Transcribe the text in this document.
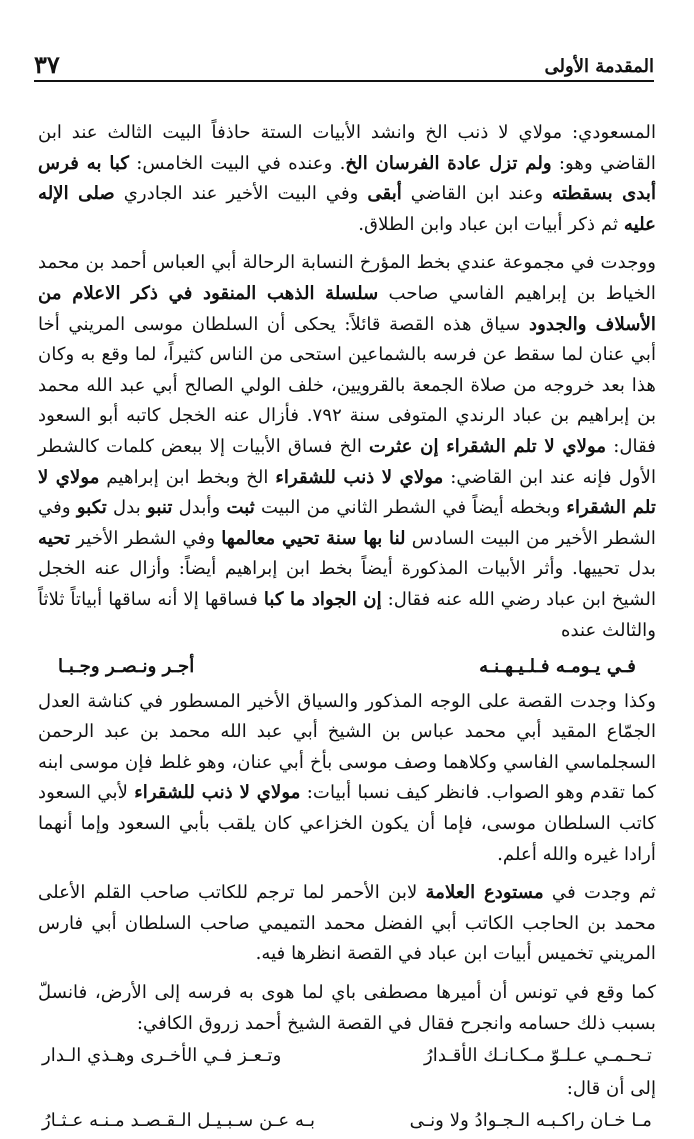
٣٧	المقدمة الأولى

المسعودي: مولاي لا ذنب الخ وانشد الأبيات الستة حاذفاً البيت الثالث عند ابن القاضي وهو: ولم تزل عادة الفرسان الخ. وعنده في البيت الخامس: كبا به فرس أبدى بسقطته وعند ابن القاضي أبقى وفي البيت الأخير عند الجادري صلى الإله عليه ثم ذكر أبيات ابن عباد وابن الطلاق.

ووجدت في مجموعة عندي بخط المؤرخ النسابة الرحالة أبي العباس أحمد بن محمد الخياط بن إبراهيم الفاسي صاحب سلسلة الذهب المنقود في ذكر الاعلام من الأسلاف والجدود سياق هذه القصة قائلاً: يحكى أن السلطان موسى المريني أخا أبي عنان لما سقط عن فرسه بالشماعين استحى من الناس كثيراً، لما وقع به وكان هذا بعد خروجه من صلاة الجمعة بالقرويين، خلف الولي الصالح أبي عبد الله محمد بن إبراهيم بن عباد الرندي المتوفى سنة ٧٩٢. فأزال عنه الخجل كاتبه أبو السعود فقال: مولاي لا تلم الشقراء إن عثرت الخ فساق الأبيات إلا ببعض كلمات كالشطر الأول فإنه عند ابن القاضي: مولاي لا ذنب للشقراء الخ وبخط ابن إبراهيم مولاي لا تلم الشقراء وبخطه أيضاً في الشطر الثاني من البيت ثبت وأبدل تنبو بدل تكبو وفي الشطر الأخير من البيت السادس لنا بها سنة تحيي معالمها وفي الشطر الأخير تحيه بدل تحييها. وأثر الأبيات المذكورة أيضاً بخط ابن إبراهيم أيضاً: وأزال عنه الخجل الشيخ ابن عباد رضي الله عنه فقال: إن الجواد ما كبا فساقها إلا أنه ساقها أبياتاً ثلاثاً والثالث عنده

فـي يـومـه فـلـيـهـنـه
أجـر ونـصـر وجـبـا

وكذا وجدت القصة على الوجه المذكور والسياق الأخير المسطور في كناشة العدل الجمّاع المقيد أبي محمد عباس بن الشيخ أبي عبد الله محمد بن عبد الرحمن السجلماسي الفاسي وكلاهما وصف موسى بأخ أبي عنان، وهو غلط فإن موسى ابنه كما تقدم وهو الصواب. فانظر كيف نسبا أبيات: مولاي لا ذنب للشقراء لأبي السعود كاتب السلطان موسى، فإما أن يكون الخزاعي كان يلقب بأبي السعود وإما أنهما أرادا غيره والله أعلم.

ثم وجدت في مستودع العلامة لابن الأحمر لما ترجم للكاتب صاحب القلم الأعلى محمد بن الحاجب الكاتب أبي الفضل محمد التميمي صاحب السلطان أبي فارس المريني تخميس أبيات ابن عباد في القصة انظرها فيه.

كما وقع في تونس أن أميرها مصطفى باي لما هوى به فرسه إلى الأرض، فانسلّ بسبب ذلك حسامه وانجرح فقال في القصة الشيخ أحمد زروق الكافي:

تـحـمـي عـلـوّ مـكـانـك الأقـدارُ
وتـعـز فـي الأخـرى وهـذي الـدار

إلى أن قال:

مـا خـان راكـبـه الـجـوادُ ولا ونـى
بـه عـن سـبـيـل الـقـصـد مـنـه عـثـارُ
